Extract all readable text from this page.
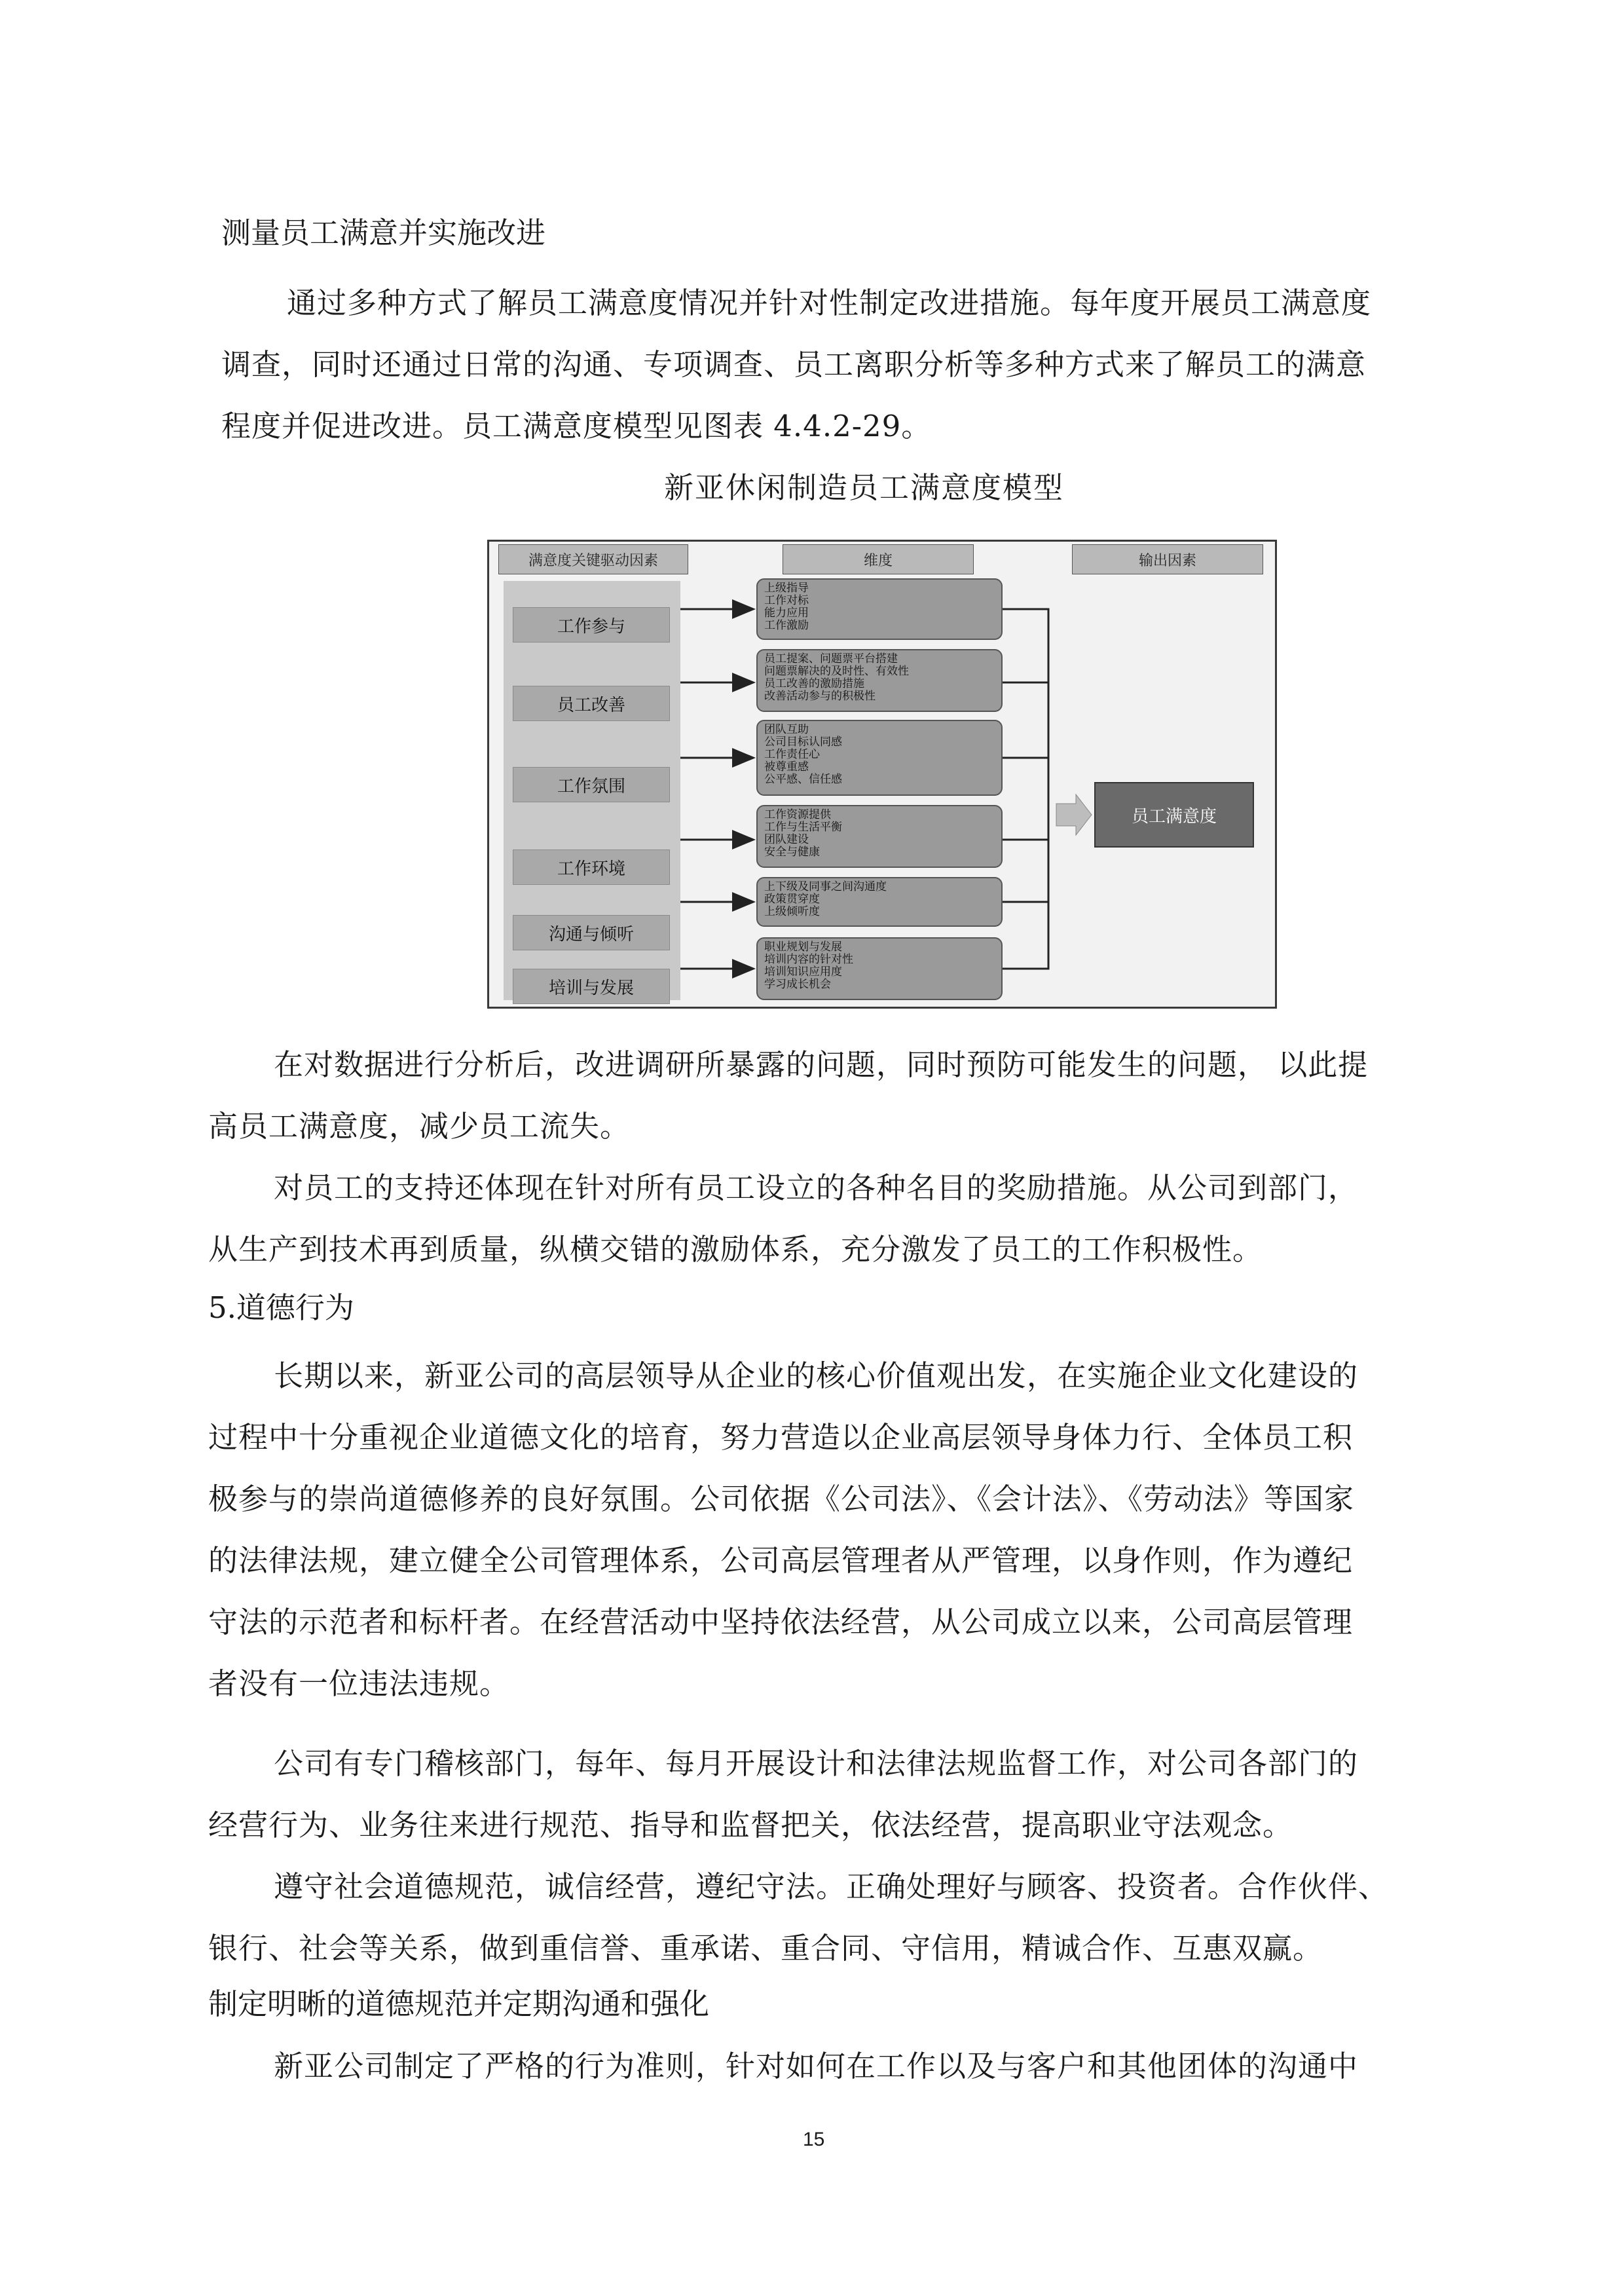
测量员工满意并实施改进
通过多种方式了解员工满意度情况并针对性制定改进措施。每年度开展员工满意度
调查，同时还通过日常的沟通、专项调查、员工离职分析等多种方式来了解员工的满意
程度并促进改进。员工满意度模型见图表 4.4.2-29。
新亚休闲制造员工满意度模型
满意度关键驱动因素	维度	输出因素
工作参与
员工改善
工作氛围
工作环境
沟通与倾听
培训与发展
上级指导
工作对标
能力应用
工作激励
员工提案、问题票平台搭建
问题票解决的及时性、有效性
员工改善的激励措施
改善活动参与的积极性
团队互助
公司目标认同感
工作责任心
被尊重感
公平感、信任感
工作资源提供
工作与生活平衡
团队建设
安全与健康
上下级及同事之间沟通度
政策贯穿度
上级倾听度
职业规划与发展
培训内容的针对性
培训知识应用度
学习成长机会
员工满意度
在对数据进行分析后，改进调研所暴露的问题，同时预防可能发生的问题， 以此提
高员工满意度，减少员工流失。
对员工的支持还体现在针对所有员工设立的各种名目的奖励措施。从公司到部门，
从生产到技术再到质量，纵横交错的激励体系，充分激发了员工的工作积极性。
5.道德行为
长期以来，新亚公司的高层领导从企业的核心价值观出发，在实施企业文化建设的
过程中十分重视企业道德文化的培育，努力营造以企业高层领导身体力行、全体员工积
极参与的崇尚道德修养的良好氛围。公司依据《公司法》、《会计法》、《劳动法》等国家
的法律法规，建立健全公司管理体系，公司高层管理者从严管理，以身作则，作为遵纪
守法的示范者和标杆者。在经营活动中坚持依法经营，从公司成立以来，公司高层管理
者没有一位违法违规。
公司有专门稽核部门，每年、每月开展设计和法律法规监督工作，对公司各部门的
经营行为、业务往来进行规范、指导和监督把关，依法经营，提高职业守法观念。
遵守社会道德规范，诚信经营，遵纪守法。正确处理好与顾客、投资者。合作伙伴、
银行、社会等关系，做到重信誉、重承诺、重合同、守信用，精诚合作、互惠双赢。
制定明晰的道德规范并定期沟通和强化
新亚公司制定了严格的行为准则，针对如何在工作以及与客户和其他团体的沟通中
15
